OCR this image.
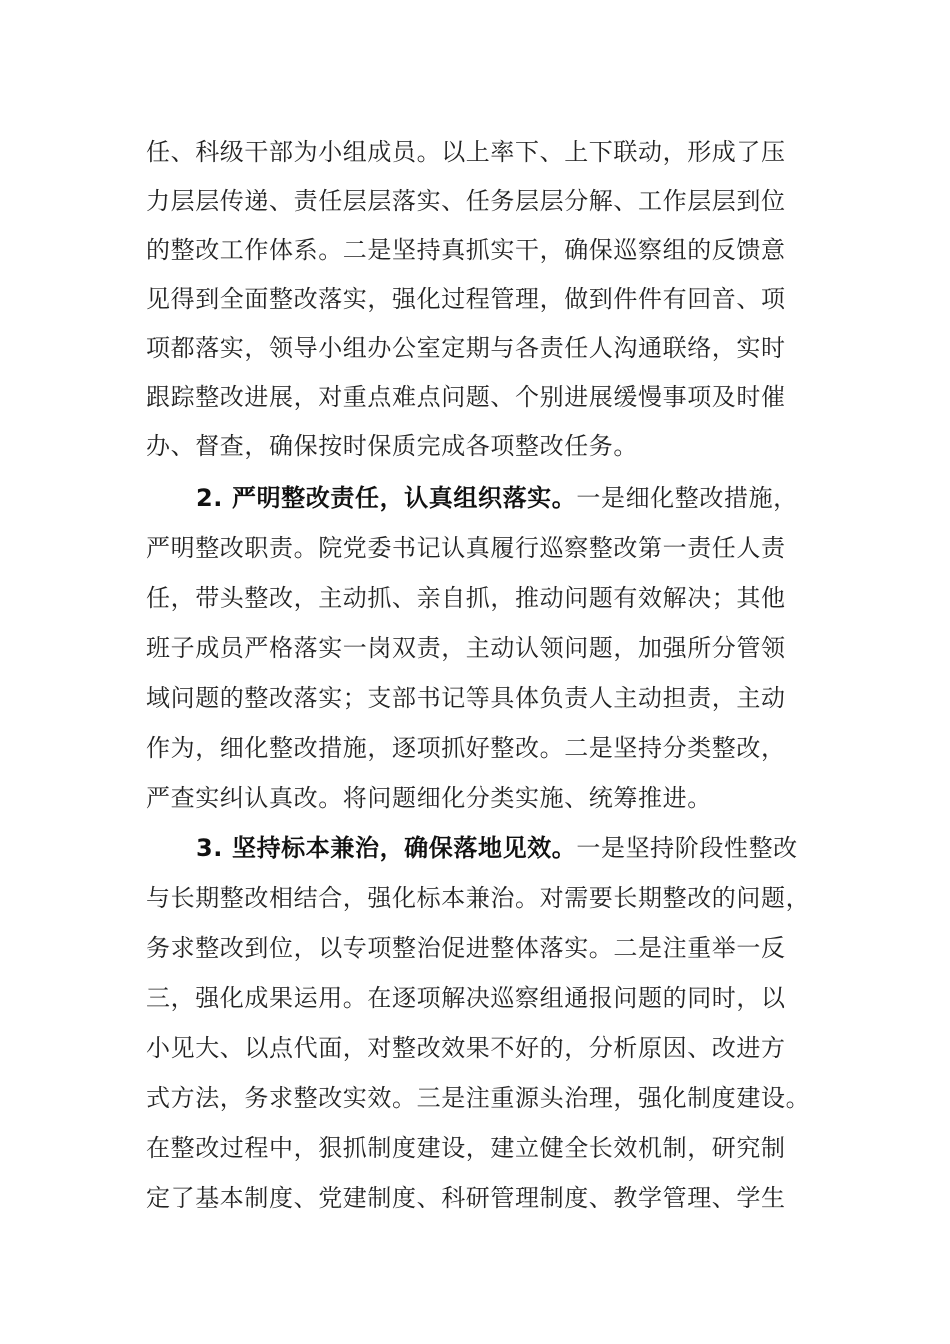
任、科级干部为小组成员。以上率下、上下联动，形成了压
力层层传递、责任层层落实、任务层层分解、工作层层到位
的整改工作体系。二是坚持真抓实干，确保巡察组的反馈意
见得到全面整改落实，强化过程管理，做到件件有回音、项
项都落实，领导小组办公室定期与各责任人沟通联络，实时
跟踪整改进展，对重点难点问题、个别进展缓慢事项及时催
办、督查，确保按时保质完成各项整改任务。
2. 严明整改责任，认真组织落实。一是细化整改措施，
严明整改职责。院党委书记认真履行巡察整改第一责任人责
任，带头整改，主动抓、亲自抓，推动问题有效解决；其他
班子成员严格落实一岗双责，主动认领问题，加强所分管领
域问题的整改落实；支部书记等具体负责人主动担责，主动
作为，细化整改措施，逐项抓好整改。二是坚持分类整改，
严查实纠认真改。将问题细化分类实施、统筹推进。
3. 坚持标本兼治，确保落地见效。一是坚持阶段性整改
与长期整改相结合，强化标本兼治。对需要长期整改的问题，
务求整改到位，以专项整治促进整体落实。二是注重举一反
三，强化成果运用。在逐项解决巡察组通报问题的同时，以
小见大、以点代面，对整改效果不好的，分析原因、改进方
式方法，务求整改实效。三是注重源头治理，强化制度建设。
在整改过程中，狠抓制度建设，建立健全长效机制，研究制
定了基本制度、党建制度、科研管理制度、教学管理、学生
